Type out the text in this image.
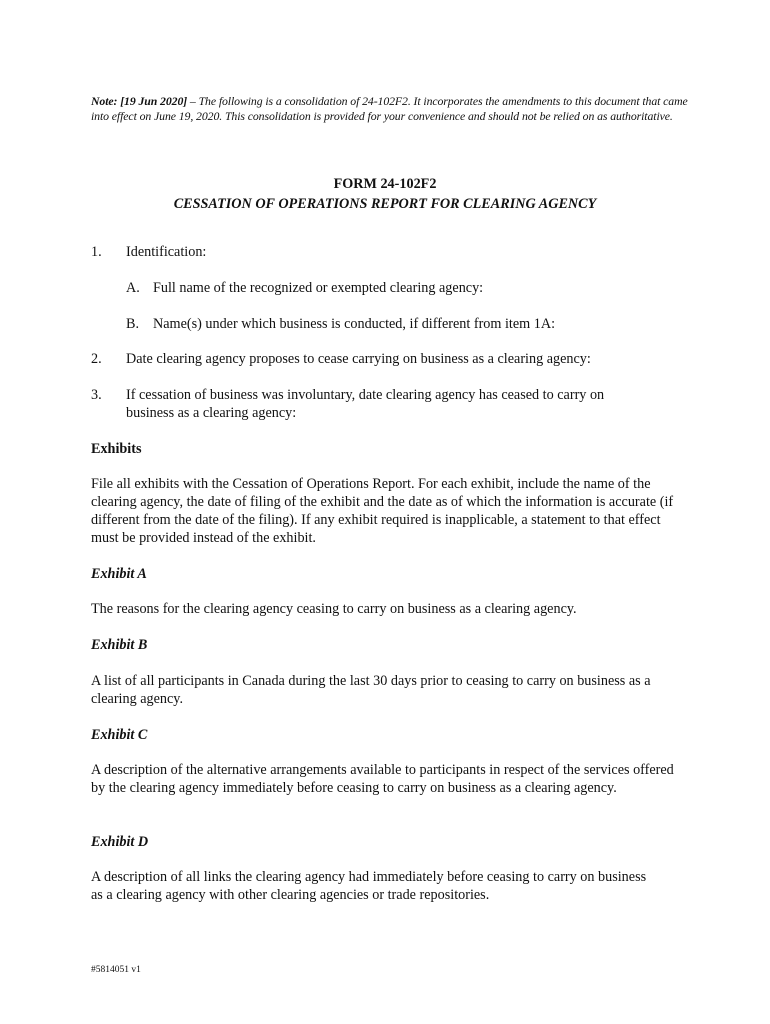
Note: [19 Jun 2020] – The following is a consolidation of 24-102F2. It incorporates the amendments to this document that came into effect on June 19, 2020. This consolidation is provided for your convenience and should not be relied on as authoritative.
FORM 24-102F2
CESSATION OF OPERATIONS REPORT FOR CLEARING AGENCY
1. Identification:
A. Full name of the recognized or exempted clearing agency:
B. Name(s) under which business is conducted, if different from item 1A:
2. Date clearing agency proposes to cease carrying on business as a clearing agency:
3. If cessation of business was involuntary, date clearing agency has ceased to carry on business as a clearing agency:
Exhibits
File all exhibits with the Cessation of Operations Report. For each exhibit, include the name of the clearing agency, the date of filing of the exhibit and the date as of which the information is accurate (if different from the date of the filing). If any exhibit required is inapplicable, a statement to that effect must be provided instead of the exhibit.
Exhibit A
The reasons for the clearing agency ceasing to carry on business as a clearing agency.
Exhibit B
A list of all participants in Canada during the last 30 days prior to ceasing to carry on business as a clearing agency.
Exhibit C
A description of the alternative arrangements available to participants in respect of the services offered by the clearing agency immediately before ceasing to carry on business as a clearing agency.
Exhibit D
A description of all links the clearing agency had immediately before ceasing to carry on business as a clearing agency with other clearing agencies or trade repositories.
#5814051 v1
